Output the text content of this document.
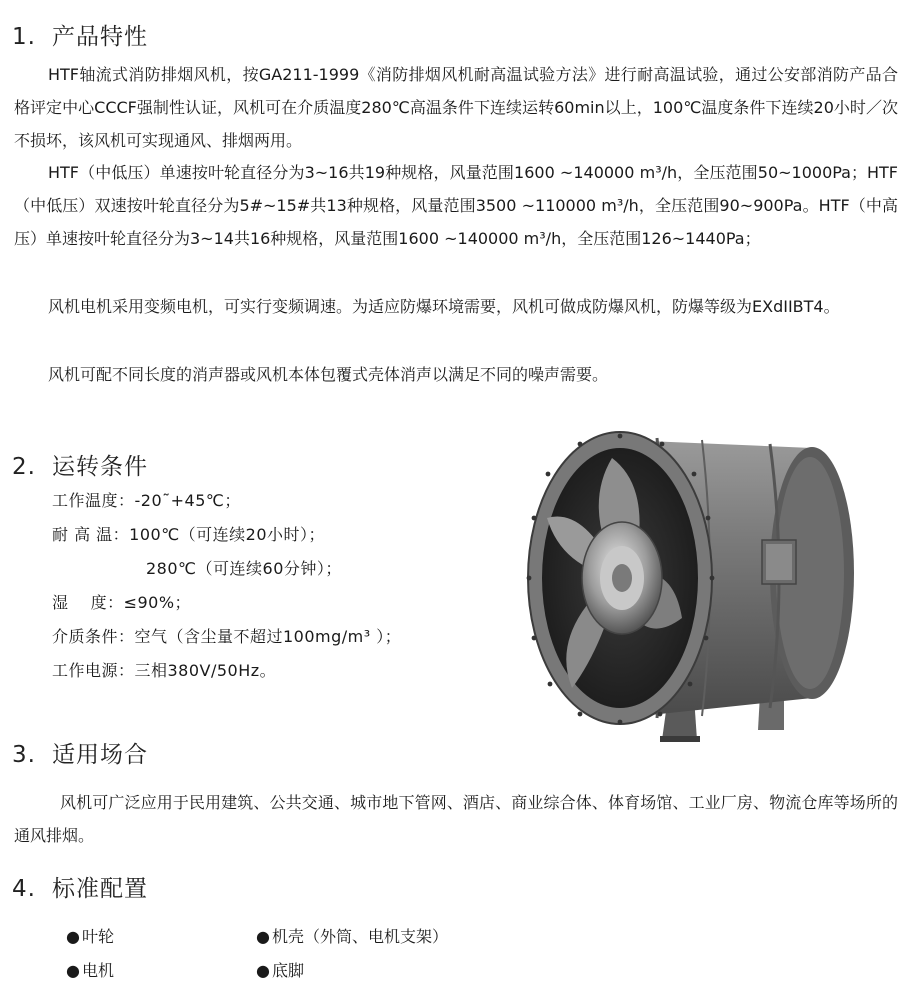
1. 产品特性

HTF轴流式消防排烟风机，按GA211-1999《消防排烟风机耐高温试验方法》进行耐高温试验，通过公安部消防产品合格评定中心CCCF强制性认证，风机可在介质温度280℃高温条件下连续运转60min以上，100℃温度条件下连续20小时／次不损坏，该风机可实现通风、排烟两用。

HTF（中低压）单速按叶轮直径分为3~16共19种规格，风量范围1600 ~140000 m³/h，全压范围50~1000Pa；HTF（中低压）双速按叶轮直径分为5#~15#共13种规格，风量范围3500 ~110000 m³/h，全压范围90~900Pa。HTF（中高压）单速按叶轮直径分为3~14共16种规格，风量范围1600 ~140000 m³/h，全压范围126~1440Pa；

风机电机采用变频电机，可实行变频调速。为适应防爆环境需要，风机可做成防爆风机，防爆等级为EXdIIBT4。

风机可配不同长度的消声器或风机本体包覆式壳体消声以满足不同的噪声需要。

2. 运转条件
工作温度：-20˜+45℃；
耐 高 温：100℃（可连续20小时）；
280℃（可连续60分钟）；
湿　 度：≤90%；
介质条件：空气（含尘量不超过100mg/m³ ）；
工作电源：三相380V/50Hz。
3. 适用场合

风机可广泛应用于民用建筑、公共交通、城市地下管网、酒店、商业综合体、体育场馆、工业厂房、物流仓库等场所的通风排烟。

4. 标准配置
● 叶轮	● 机壳（外筒、电机支架）
● 电机	● 底脚
